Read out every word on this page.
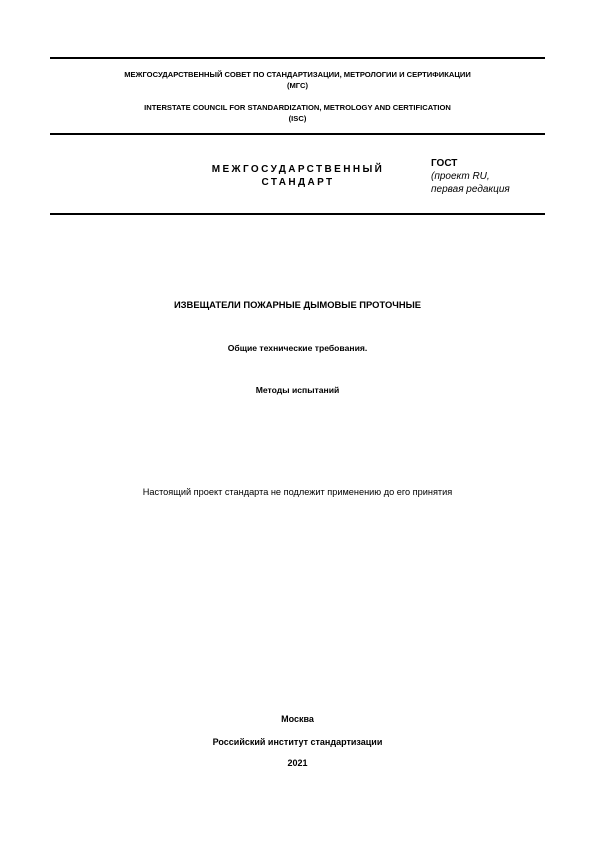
МЕЖГОСУДАРСТВЕННЫЙ СОВЕТ ПО СТАНДАРТИЗАЦИИ, МЕТРОЛОГИИ И СЕРТИФИКАЦИИ
(МГС)
INTERSTATE COUNCIL FOR STANDARDIZATION, METROLOGY AND CERTIFICATION
(ISC)
МЕЖГОСУДАРСТВЕННЫЙ
СТАНДАРТ
ГОСТ
(проект RU,
первая редакция
ИЗВЕЩАТЕЛИ ПОЖАРНЫЕ ДЫМОВЫЕ ПРОТОЧНЫЕ
Общие технические требования.
Методы испытаний
Настоящий проект стандарта не подлежит применению до его принятия
Москва
Российский институт стандартизации
2021
